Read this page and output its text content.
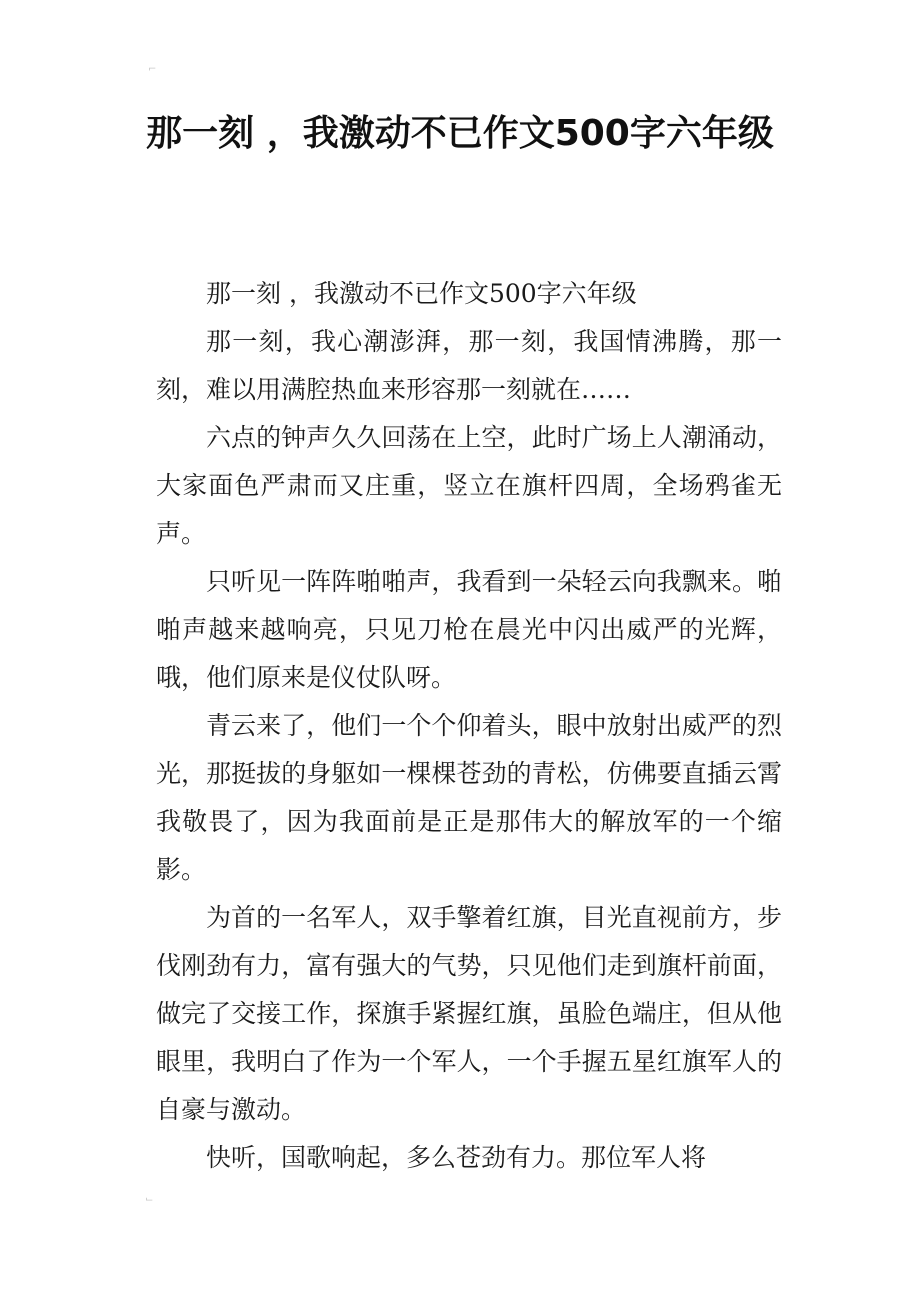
⌐
那一刻 ，我激动不已作文500字六年级

那一刻 ，我激动不已作文500字六年级

那一刻，我心潮澎湃，那一刻，我国情沸腾，那一刻，难以用满腔热血来形容那一刻就在……

六点的钟声久久回荡在上空，此时广场上人潮涌动，大家面色严肃而又庄重，竖立在旗杆四周，全场鸦雀无声。

只听见一阵阵啪啪声，我看到一朵轻云向我飘来。啪啪声越来越响亮，只见刀枪在晨光中闪出威严的光辉，哦，他们原来是仪仗队呀。

青云来了，他们一个个仰着头，眼中放射出威严的烈光，那挺拔的身躯如一棵棵苍劲的青松，仿佛要直插云霄我敬畏了，因为我面前是正是那伟大的解放军的一个缩影。

为首的一名军人，双手擎着红旗，目光直视前方，步伐刚劲有力，富有强大的气势，只见他们走到旗杆前面，做完了交接工作，探旗手紧握红旗，虽脸色端庄，但从他眼里，我明白了作为一个军人，一个手握五星红旗军人的自豪与激动。

快听，国歌响起，多么苍劲有力。那位军人将

⌙
